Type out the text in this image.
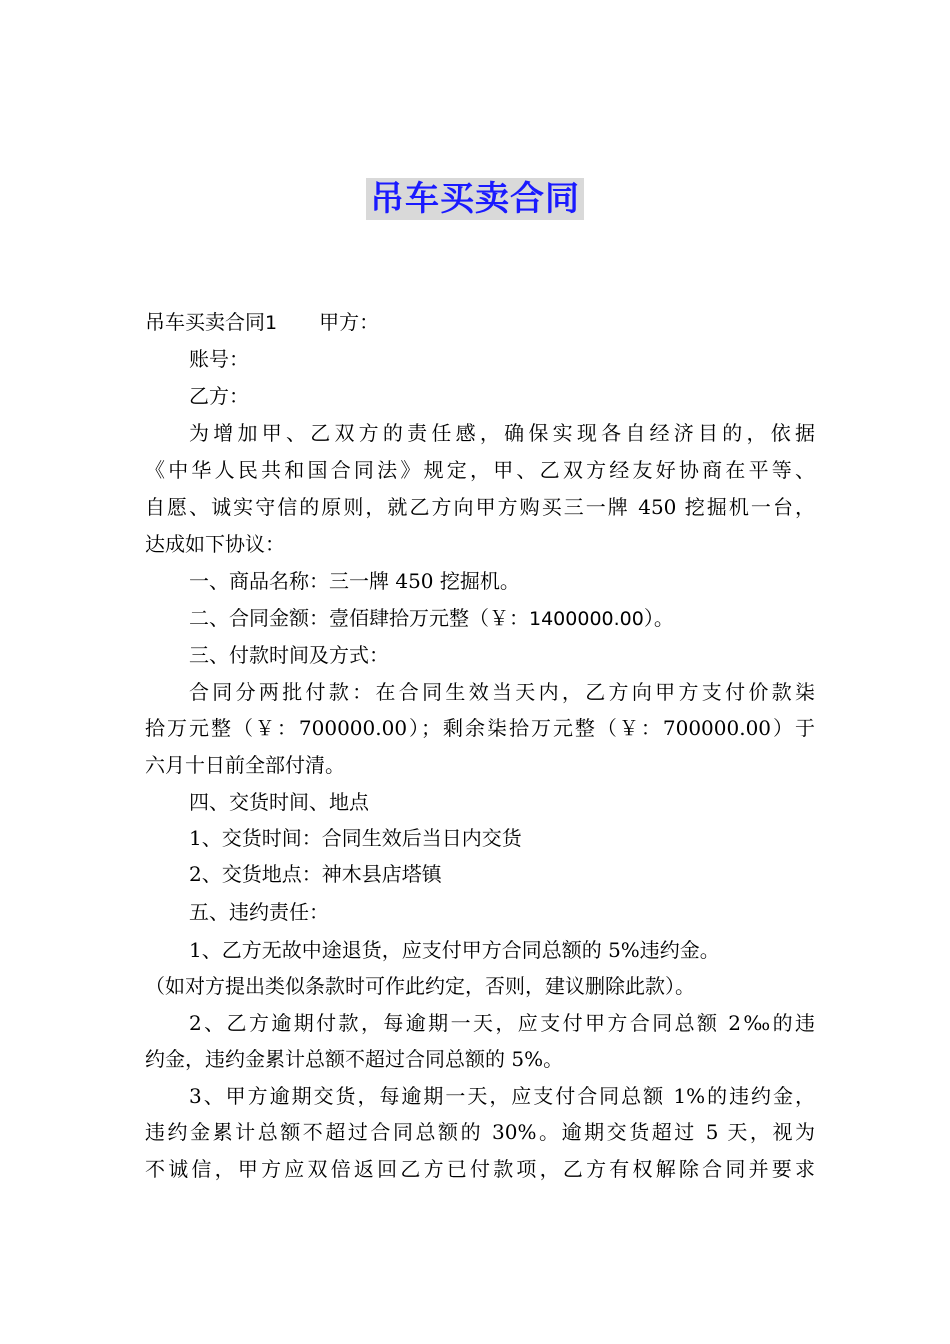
吊车买卖合同
吊车买卖合同1 甲方：
账号：
乙方：
为增加甲、乙双方的责任感，确保实现各自经济目的，依据
《中华人民共和国合同法》规定，甲、乙双方经友好协商在平等、
自愿、诚实守信的原则，就乙方向甲方购买三一牌 450 挖掘机一台，
达成如下协议：
一、商品名称：三一牌 450 挖掘机。
二、合同金额：壹佰肆拾万元整（￥：1400000.00）。
三、付款时间及方式：
合同分两批付款：在合同生效当天内，乙方向甲方支付价款柒
拾万元整（￥：700000.00）；剩余柒拾万元整（￥：700000.00）于
六月十日前全部付清。
四、交货时间、地点
1、交货时间：合同生效后当日内交货
2、交货地点：神木县店塔镇
五、违约责任：
1、乙方无故中途退货，应支付甲方合同总额的 5%违约金。
（如对方提出类似条款时可作此约定，否则，建议删除此款）。
2、乙方逾期付款，每逾期一天，应支付甲方合同总额 2‰的违
约金，违约金累计总额不超过合同总额的 5%。
3、甲方逾期交货，每逾期一天，应支付合同总额 1%的违约金，
违约金累计总额不超过合同总额的 30%。逾期交货超过 5 天，视为
不诚信，甲方应双倍返回乙方已付款项，乙方有权解除合同并要求
